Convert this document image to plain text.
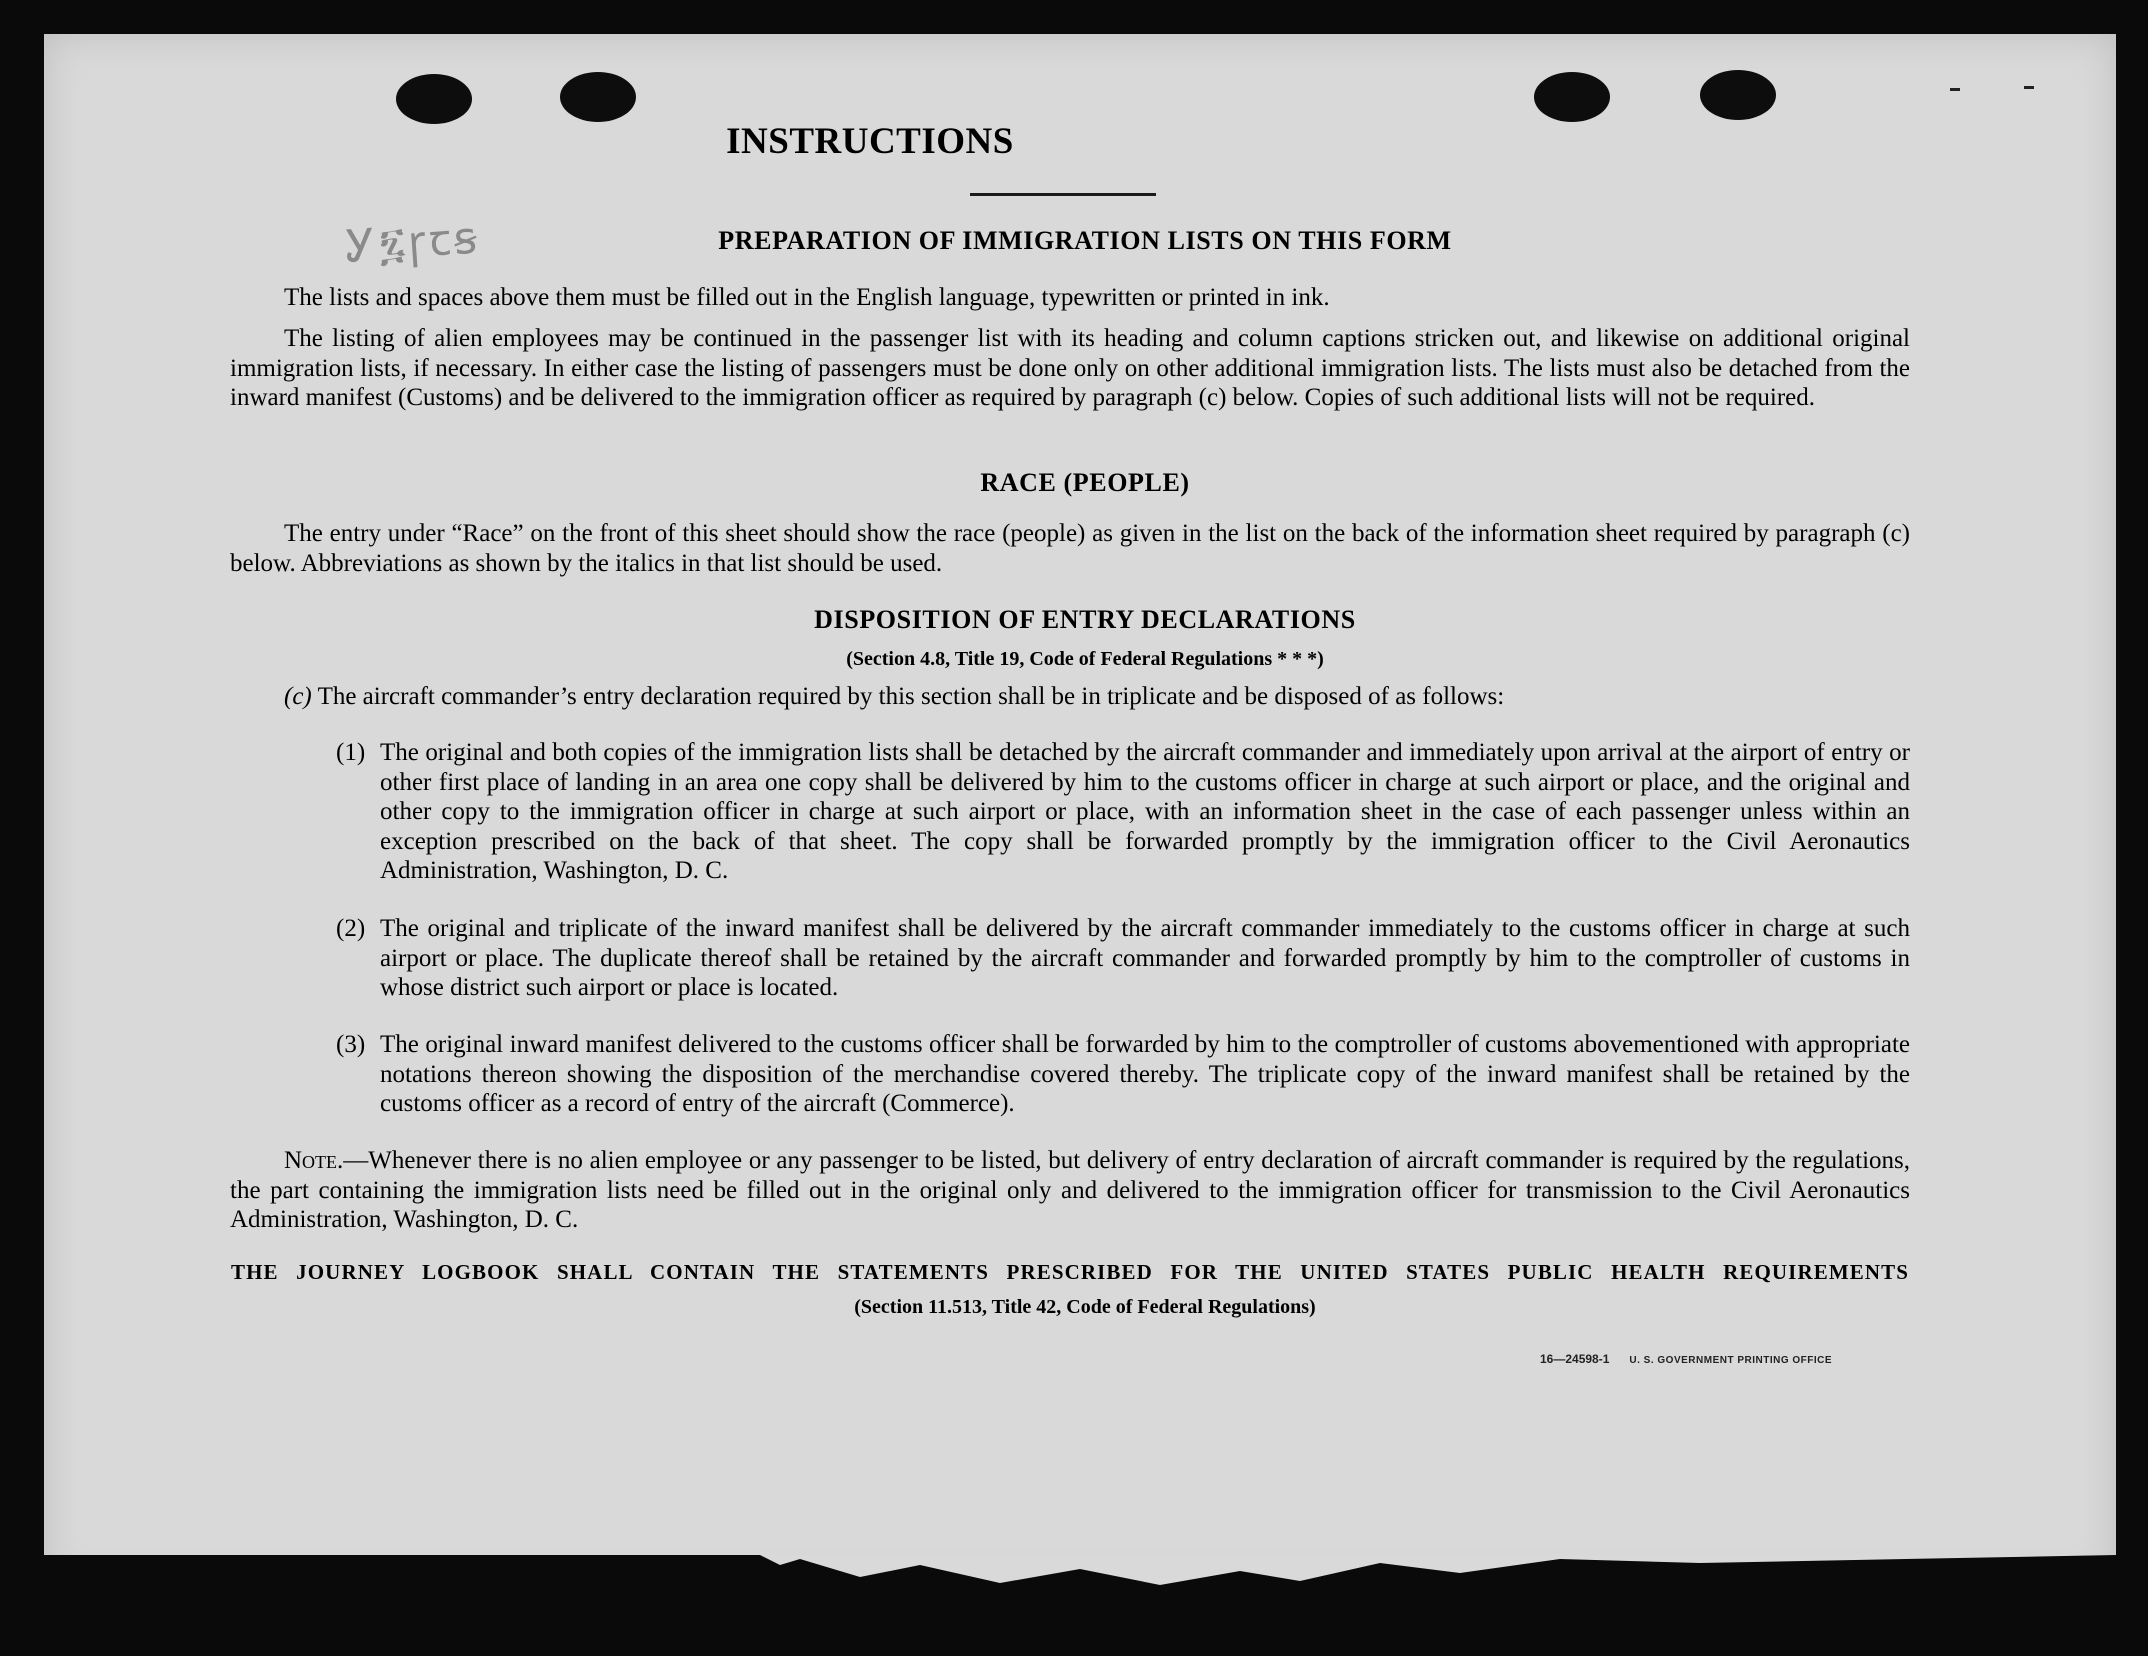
INSTRUCTIONS
Ꭹ፯ꞅꞇꞩ	PREPARATION OF IMMIGRATION LISTS ON THIS FORM
The lists and spaces above them must be filled out in the English language, typewritten or printed in ink.
The listing of alien employees may be continued in the passenger list with its heading and column captions stricken out, and likewise on additional original immigration lists, if necessary. In either case the listing of passengers must be done only on other additional immigration lists. The lists must also be detached from the inward manifest (Customs) and be delivered to the immigration officer as required by paragraph (c) below. Copies of such additional lists will not be required.
RACE (PEOPLE)
The entry under “Race” on the front of this sheet should show the race (people) as given in the list on the back of the information sheet required by paragraph (c) below. Abbreviations as shown by the italics in that list should be used.
DISPOSITION OF ENTRY DECLARATIONS
(Section 4.8, Title 19, Code of Federal Regulations * * *)
(c) The aircraft commander’s entry declaration required by this section shall be in triplicate and be disposed of as follows:
(1) The original and both copies of the immigration lists shall be detached by the aircraft commander and immediately upon arrival at the airport of entry or other first place of landing in an area one copy shall be delivered by him to the customs officer in charge at such airport or place, and the original and other copy to the immigration officer in charge at such airport or place, with an information sheet in the case of each passenger unless within an exception prescribed on the back of that sheet. The copy shall be forwarded promptly by the immigration officer to the Civil Aeronautics Administration, Washington, D. C.
(2) The original and triplicate of the inward manifest shall be delivered by the aircraft commander immediately to the customs officer in charge at such airport or place. The duplicate thereof shall be retained by the aircraft commander and forwarded promptly by him to the comptroller of customs in whose district such airport or place is located.
(3) The original inward manifest delivered to the customs officer shall be forwarded by him to the comptroller of customs abovementioned with appropriate notations thereon showing the disposition of the merchandise covered thereby. The triplicate copy of the inward manifest shall be retained by the customs officer as a record of entry of the aircraft (Commerce).
Note.—Whenever there is no alien employee or any passenger to be listed, but delivery of entry declaration of aircraft commander is required by the regulations, the part containing the immigration lists need be filled out in the original only and delivered to the immigration officer for transmission to the Civil Aeronautics Administration, Washington, D. C.
THE JOURNEY LOGBOOK SHALL CONTAIN THE STATEMENTS PRESCRIBED FOR THE UNITED STATES PUBLIC HEALTH REQUIREMENTS
(Section 11.513, Title 42, Code of Federal Regulations)
16—24598-1 U. S. GOVERNMENT PRINTING OFFICE
